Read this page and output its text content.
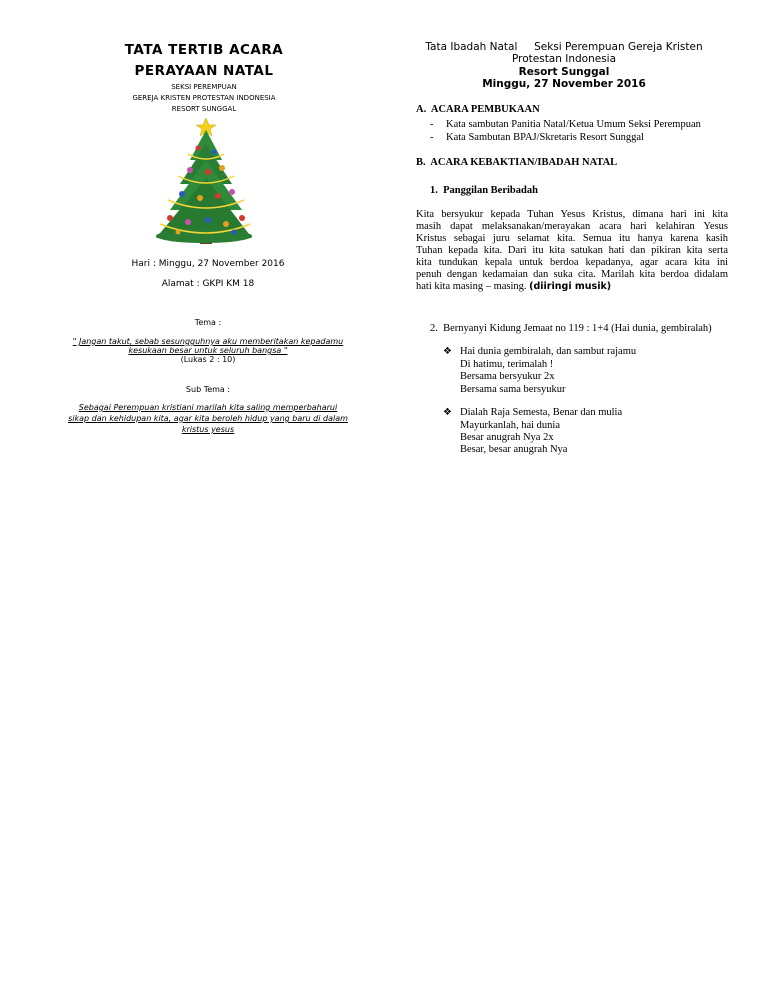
TATA TERTIB ACARA
PERAYAAN NATAL
SEKSI PEREMPUAN
GEREJA KRISTEN PROTESTAN INDONESIA
RESORT SUNGGAL
Hari : Minggu, 27 November 2016
Alamat : GKPI KM 18
Tema :
" Jangan takut, sebab sesungguhnya aku memberitakan kepadamu
kesukaan besar untuk seluruh bangsa "
(Lukas 2 : 10)
Sub Tema :
Sebagai Perempuan kristiani marilah kita saling memperbaharui
sikap dan kehidupan kita, agar kita beroleh hidup yang baru di dalam
kristus yesus
Tata Ibadah Natal     Seksi Perempuan Gereja Kristen
Protestan Indonesia
Resort Sunggal
Minggu, 27 November 2016
A.  ACARA PEMBUKAAN
- Kata sambutan Panitia Natal/Ketua Umum Seksi Perempuan
- Kata Sambutan BPAJ/Skretaris Resort Sunggal
B.  ACARA KEBAKTIAN/IBADAH NATAL
1.  Panggilan Beribadah
Kita bersyukur kepada Tuhan Yesus Kristus, dimana hari ini kita
masih dapat melaksanakan/merayakan acara hari kelahiran Yesus
Kristus sebagai juru selamat kita. Semua itu hanya karena kasih
Tuhan kepada kita. Dari itu kita satukan hati dan pikiran kita serta
kita tundukan kepala untuk berdoa kepadanya, agar acara kita ini
penuh dengan kedamaian dan suka cita. Marilah kita berdoa didalam
hati kita masing – masing. (diiringi musik)
2.  Bernyanyi Kidung Jemaat no 119 : 1+4 (Hai dunia, gembiralah)
❖ Hai dunia gembiralah, dan sambut rajamu
Di hatimu, terimalah !
Bersama bersyukur 2x
Bersama sama bersyukur
❖ Dialah Raja Semesta, Benar dan mulia
Mayurkanlah, hai dunia
Besar anugrah Nya 2x
Besar, besar anugrah Nya
